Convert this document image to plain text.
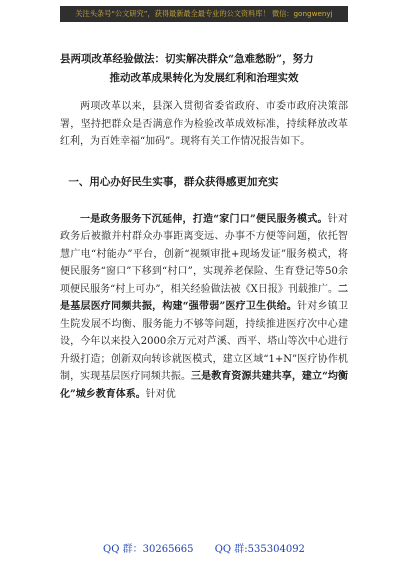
关注头条号“公文研究”，获得最新最全最专业的公文资料库！ 微信：gongwenyj
县两项改革经验做法：切实解决群众“急难愁盼”，努力
推动改革成果转化为发展红利和治理实效

两项改革以来，县深入贯彻省委省政府、市委市政府决策部署，坚持把群众是否满意作为检验改革成效标准，持续释放改革红利，为百姓幸福“加码”。现将有关工作情况报告如下。

一、用心办好民生实事，群众获得感更加充实

一是政务服务下沉延伸，打造“家门口”便民服务模式。针对政务后被撤并村群众办事距离变远、办事不方便等问题，依托智慧广电“村能办”平台，创新“视频审批+现场发证”服务模式，将便民服务“窗口”下移到“村口”，实现养老保险、生育登记等50余项便民服务“村上可办”，相关经验做法被《X日报》刊载推广。二是基层医疗同频共振，构建“强带弱”医疗卫生供给。针对乡镇卫生院发展不均衡、服务能力不够等问题，持续推进医疗次中心建设，今年以来投入2000余万元对芦溪、西平、塔山等次中心进行升级打造；创新双向转诊就医模式，建立区域“1+N”医疗协作机制，实现基层医疗同频共振。三是教育资源共建共享，建立“均衡化”城乡教育体系。针对优

QQ 群：30265665 QQ 群:535304092
